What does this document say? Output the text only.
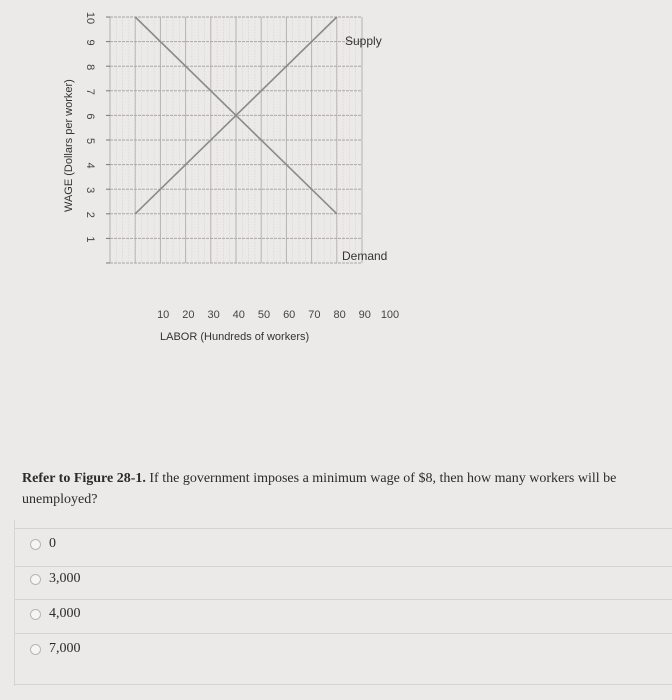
1
2
3
4
5
6
7
8
9
10
10 20 30 40 50 60 70 80 90 100
WAGE (Dollars per worker)
LABOR (Hundreds of workers)
Supply
Demand
Refer to Figure 28-1. If the government imposes a minimum wage of $8, then how many workers will be unemployed?
0
3,000
4,000
7,000
